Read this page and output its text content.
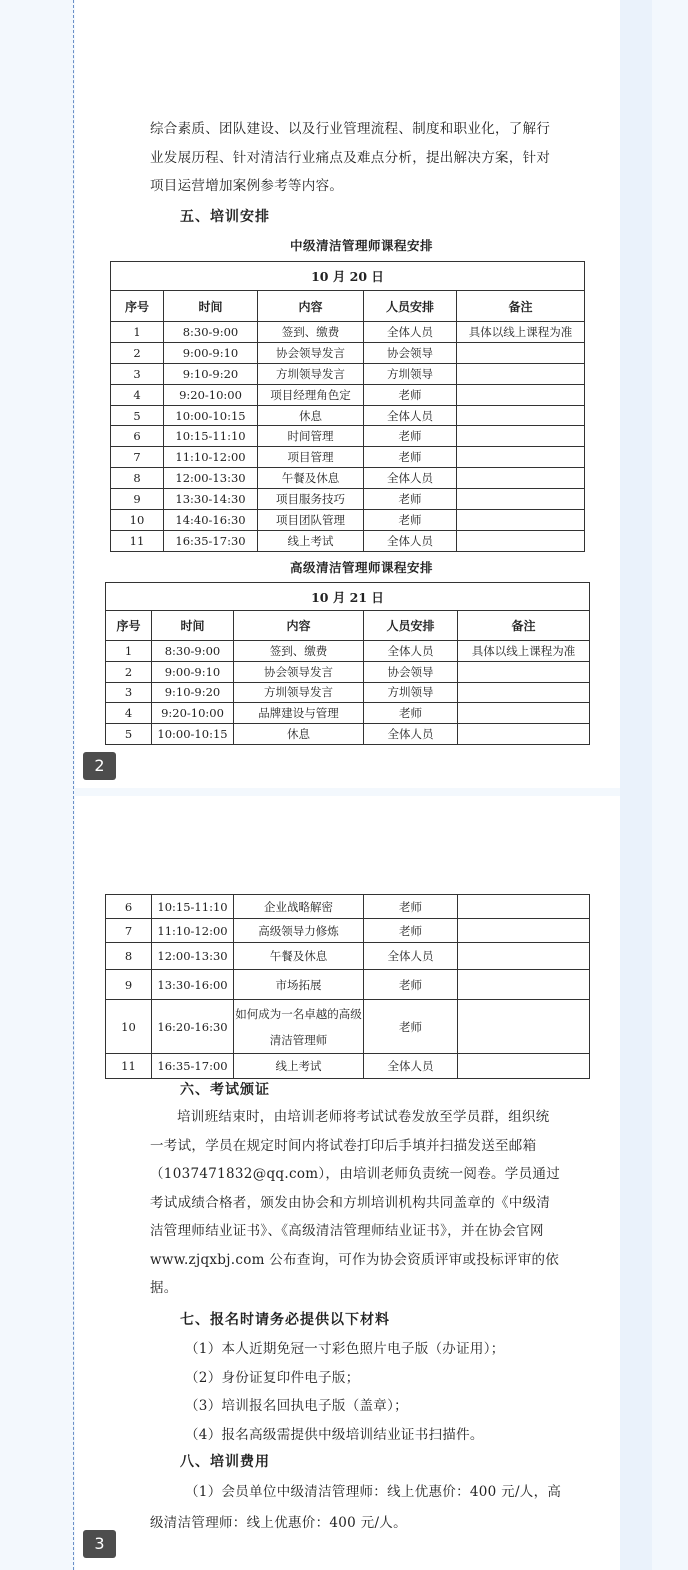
综合素质、团队建设、以及行业管理流程、制度和职业化，了解行业发展历程、针对清洁行业痛点及难点分析，提出解决方案，针对项目运营增加案例参考等内容。

五、培训安排

中级清洁管理师课程安排

10 月 20 日				
序号	时间	内容	人员安排	备注
1	8:30-9:00	签到、缴费	全体人员	具体以线上课程为准
2	9:00-9:10	协会领导发言	协会领导	
3	9:10-9:20	方圳领导发言	方圳领导	
4	9:20-10:00	项目经理角色定	老师	
5	10:00-10:15	休息	全体人员	
6	10:15-11:10	时间管理	老师	
7	11:10-12:00	项目管理	老师	
8	12:00-13:30	午餐及休息	全体人员	
9	13:30-14:30	项目服务技巧	老师	
10	14:40-16:30	项目团队管理	老师	
11	16:35-17:30	线上考试	全体人员	

高级清洁管理师课程安排

10 月 21 日				
序号	时间	内容	人员安排	备注
1	8:30-9:00	签到、缴费	全体人员	具体以线上课程为准
2	9:00-9:10	协会领导发言	协会领导	
3	9:10-9:20	方圳领导发言	方圳领导	
4	9:20-10:00	品牌建设与管理	老师	
5	10:00-10:15	休息	全体人员	
2
6	10:15-11:10	企业战略解密	老师	
7	11:10-12:00	高级领导力修炼	老师	
8	12:00-13:30	午餐及休息	全体人员	
9	13:30-16:00	市场拓展	老师	
10	16:20-16:30	如何成为一名卓越的高级清洁管理师	老师	
11	16:35-17:00	线上考试	全体人员	

六、考试颁证

培训班结束时，由培训老师将考试试卷发放至学员群，组织统一考试，学员在规定时间内将试卷打印后手填并扫描发送至邮箱（1037471832@qq.com），由培训老师负责统一阅卷。学员通过考试成绩合格者，颁发由协会和方圳培训机构共同盖章的《中级清洁管理师结业证书》、《高级清洁管理师结业证书》，并在协会官网 www.zjqxbj.com 公布查询，可作为协会资质评审或投标评审的依据。

七、报名时请务必提供以下材料

（1）本人近期免冠一寸彩色照片电子版（办证用）；

（2）身份证复印件电子版；

（3）培训报名回执电子版（盖章）；

（4）报名高级需提供中级培训结业证书扫描件。

八、培训费用

（1）会员单位中级清洁管理师：线上优惠价：400 元/人，高级清洁管理师：线上优惠价：400 元/人。

3
